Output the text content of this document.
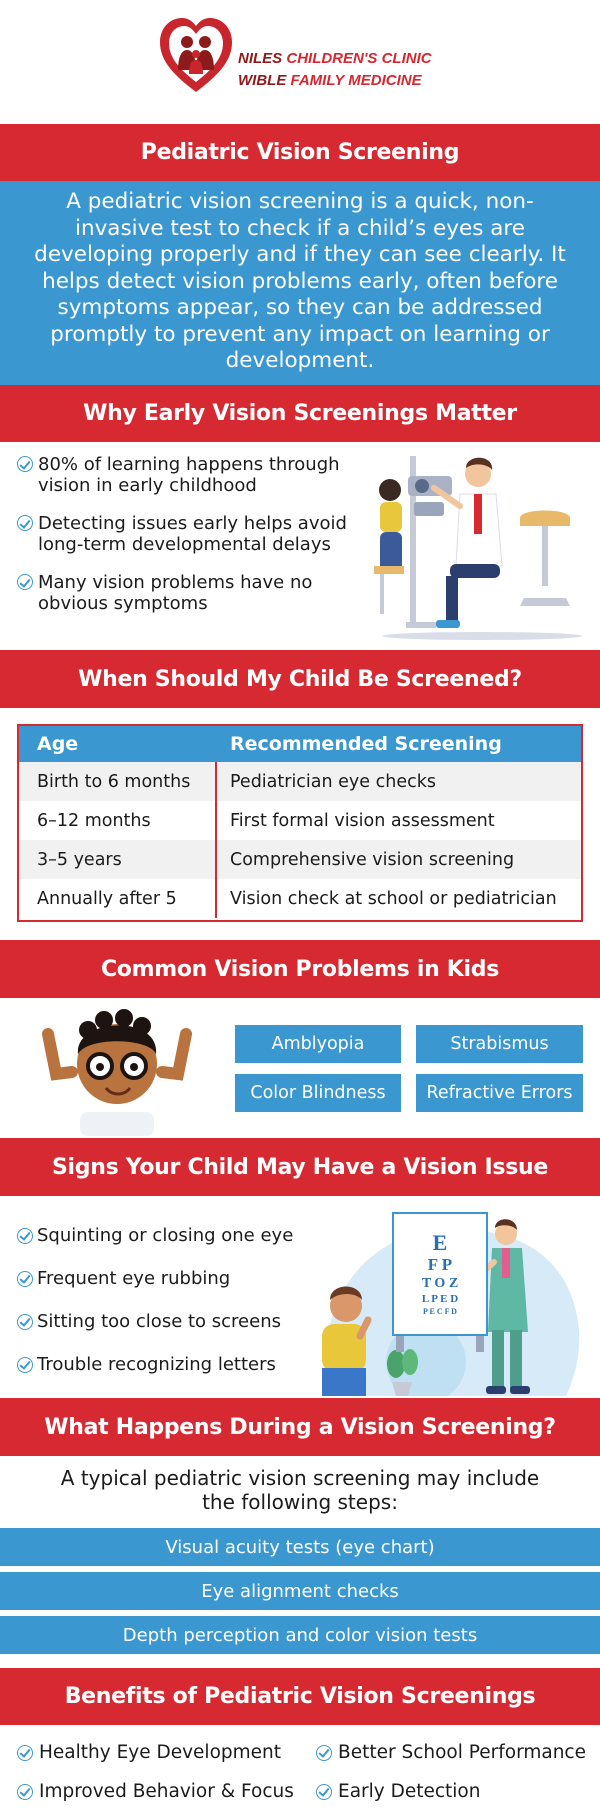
NILES CHILDREN'S CLINIC
WIBLE FAMILY MEDICINE
Pediatric Vision Screening
A pediatric vision screening is a quick, non-invasive test to check if a child’s eyes are developing properly and if they can see clearly. It helps detect vision problems early, often before symptoms appear, so they can be addressed promptly to prevent any impact on learning or development.
Why Early Vision Screenings Matter
80% of learning happens through vision in early childhood
Detecting issues early helps avoid long-term developmental delays
Many vision problems have no obvious symptoms
When Should My Child Be Screened?
Age	Recommended Screening
Birth to 6 months	Pediatrician eye checks
6–12 months	First formal vision assessment
3–5 years	Comprehensive vision screening
Annually after 5	Vision check at school or pediatrician
Common Vision Problems in Kids
Amblyopia	Strabismus
Color Blindness	Refractive Errors
Signs Your Child May Have a Vision Issue
Squinting or closing one eye
Frequent eye rubbing
Sitting too close to screens
Trouble recognizing letters
E
F P
T O Z
L P E D
P E C F D
What Happens During a Vision Screening?
A typical pediatric vision screening may include the following steps:
Visual acuity tests (eye chart)
Eye alignment checks
Depth perception and color vision tests
Benefits of Pediatric Vision Screenings
Healthy Eye Development	Better School Performance
Improved Behavior & Focus Early Detection
